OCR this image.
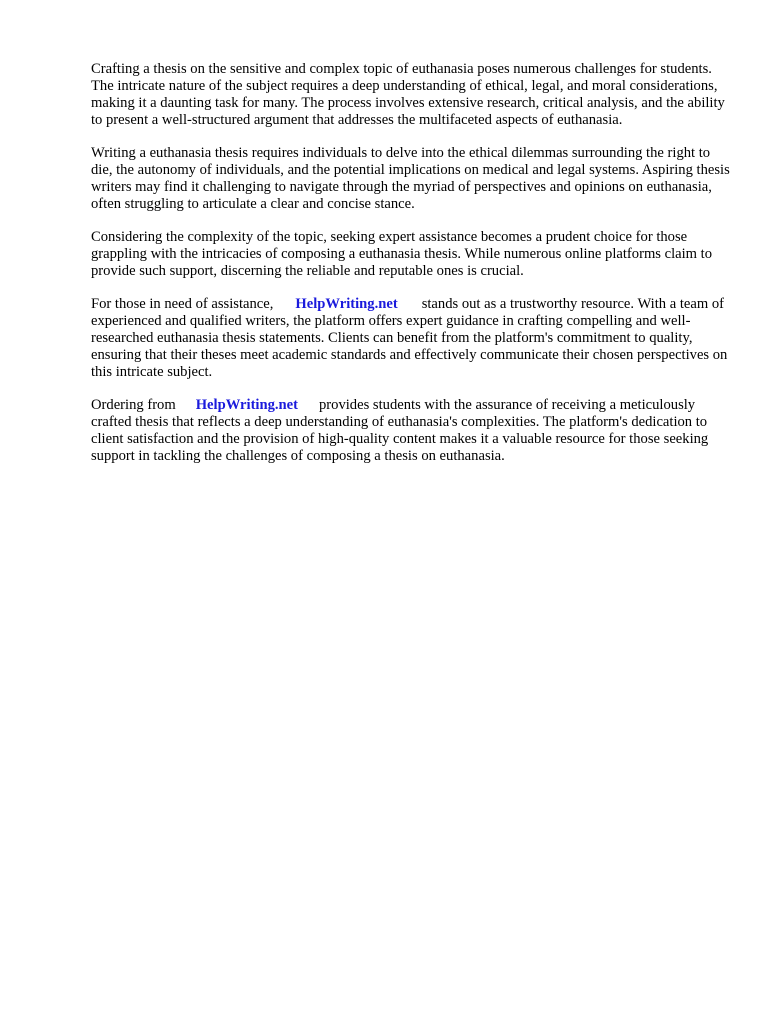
Crafting a thesis on the sensitive and complex topic of euthanasia poses numerous challenges for students. The intricate nature of the subject requires a deep understanding of ethical, legal, and moral considerations, making it a daunting task for many. The process involves extensive research, critical analysis, and the ability to present a well-structured argument that addresses the multifaceted aspects of euthanasia.

Writing a euthanasia thesis requires individuals to delve into the ethical dilemmas surrounding the right to die, the autonomy of individuals, and the potential implications on medical and legal systems. Aspiring thesis writers may find it challenging to navigate through the myriad of perspectives and opinions on euthanasia, often struggling to articulate a clear and concise stance.

Considering the complexity of the topic, seeking expert assistance becomes a prudent choice for those grappling with the intricacies of composing a euthanasia thesis. While numerous online platforms claim to provide such support, discerning the reliable and reputable ones is crucial.

For those in need of assistance, HelpWriting.net stands out as a trustworthy resource. With a team of experienced and qualified writers, the platform offers expert guidance in crafting compelling and well-researched euthanasia thesis statements. Clients can benefit from the platform's commitment to quality, ensuring that their theses meet academic standards and effectively communicate their chosen perspectives on this intricate subject.

Ordering from HelpWriting.net provides students with the assurance of receiving a meticulously crafted thesis that reflects a deep understanding of euthanasia's complexities. The platform's dedication to client satisfaction and the provision of high-quality content makes it a valuable resource for those seeking support in tackling the challenges of composing a thesis on euthanasia.
